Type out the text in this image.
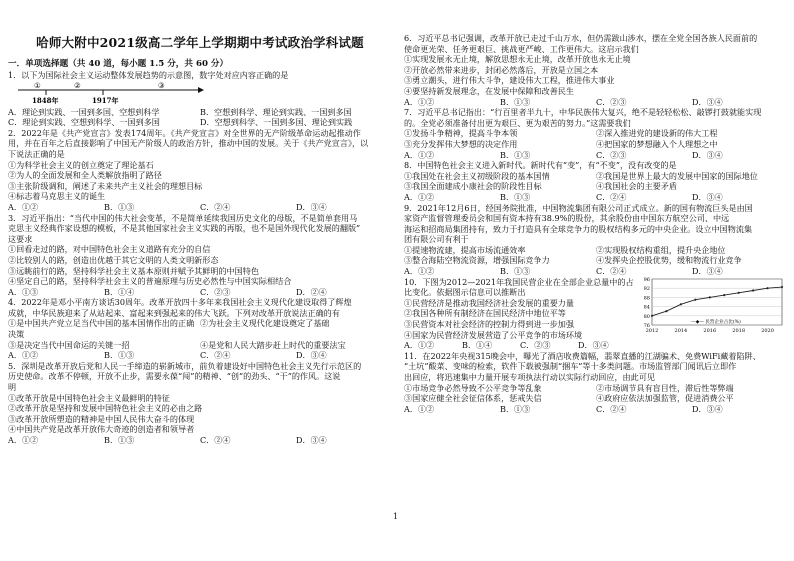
哈师大附中2021级高二学年上学期期中考试政治学科试题
一．单项选择题（共 40 道，每小题 1.5 分，共 60 分）
1．以下为国际社会主义运动整体发展趋势的示意图，数字处对应内容正确的是
①	②	③
1848年	1917年
A．理论到实践、一国到多国、空想到科学	B．空想到科学、理论到实践、一国到多国
C．理论到实践、空想到科学、一国到多国	D．空想到科学、一国到多国、理论到实践
2．2022年是《共产党宣言》发表174周年。《共产党宣言》对全世界的无产阶级革命运动起推动作
用，并在百年之后直接影响了中国无产阶级人的政治方针，推动中国的发展。关于《共产党宣言》，以
下说法正确的是
①为科学社会主义的创立奠定了理论基石
②为人的全面发展和全人类解放指明了路径
③主张阶级调和，阐述了未来共产主义社会的理想目标
④标志着马克思主义的诞生
A．①②	B．①③	C．②④	D．③④
3．习近平指出：“当代中国的伟大社会变革，不是简单延续我国历史文化的母版，不是简单套用马
克思主义经典作家设想的模板，不是其他国家社会主义实践的再版，也不是国外现代化发展的翻版”
这要求
①回看走过的路，对中国特色社会主义道路有充分的自信
②比较别人的路，创造出优越于其它文明的人类文明新形态
③远眺前行的路，坚持科学社会主义基本原则并赋予其鲜明的中国特色
④坚定自己的路，坚持科学社会主义的普遍原理与历史必然性与中国实际相结合
A．①③	B．①④	C．②③	D．②④
4．2022年是邓小平南方谈话30周年。改革开放四十多年来我国社会主义现代化建设取得了辉煌
成就，中华民族迎来了从站起来、富起来到强起来的伟大飞跃。下列对改革开放说法正确的有
①是中国共产党立足当代中国的基本国情作出的正确决策
②为社会主义现代化建设奠定了基础
③是决定当代中国命运的关键一招	④是党和人民大踏步赶上时代的重要法宝
A．①②	B．①③	C．②④	D．③④
5．深圳是改革开放后党和人民一手缔造的崭新城市，前负着建设好中国特色社会主义先行示范区的
历史使命。改革不停顿，开放不止步，需要永葆“闯”的精神、“创”的劲头、“干”的作风。这说
明
①改革开放是中国特色社会主义最鲜明的特征
②改革开放是坚持和发展中国特色社会主义的必由之路
③改革开放所塑造的精神是中国人民伟大奋斗的体现
④中国共产党是改革开放伟大奇迹的创造者和领导者
A．①②	B．①③	C．②④	D．③④
6．习近平总书记强调，改革开放已走过千山万水，但仍需跋山涉水，摆在全党全国各族人民面前的
使命更光荣、任务更艰巨、挑战更严峻、工作更伟大。这启示我们
①实现发展永无止境，解放思想永无止境，改革开放也永无止境
②开放必然带来进步，封闭必然落后，开放是立国之本
③勇立潮头，进行伟大斗争，建设伟大工程，推进伟大事业
④要坚持新发展理念，在发展中保障和改善民生
A．①②	B．①③	C．②③	D．③④
7．习近平总书记指出：“行百里者半九十，中华民族伟大复兴，绝不是轻轻松松、敲锣打鼓就能实现
的。全党必须准备付出更为艰巨、更为艰苦的努力。”这需要我们
①发扬斗争精神，提高斗争本领	②深入推进党的建设新的伟大工程
③充分发挥伟大梦想的决定作用	④把国家的梦想融入个人理想之中
A．①②	B．①③	C．②③	D．③④
8．中国特色社会主义进入新时代。新时代有“变”，有“不变”，没有改变的是
①我国处在社会主义初级阶段的基本国情	②我国是世界上最大的发展中国家的国际地位
③我国全面建成小康社会的阶段性目标	④我国社会的主要矛盾
A．①②	B．①③	C．②④	D．③④
9．2021年12月6日，经国务院批准，中国物流集团有限公司正式成立。新的国有物流巨头是由国
家资产监督管理委员会和国有资本持有38.9%的股份，其余股份由中国东方航空公司、中远
海运和招商局集团持有，致力于打造具有全球竞争力的股权结构多元的中央企业。设立中国物流集
团有限公司有利于
①提速物流建，提高市场流通效率	②实现股权结构重组，提升央企地位
③整合海陆空物流资源，增强国际竞争力	④发挥央企控股优势，缓和物流行业竞争
A．①②	B．①③	C．②④	D．③④
10．下图为2012—2021年我国民营企业在全部企业总量中的占
比变化。依据图示信息可以推断出
①民营经济是推动我国经济社会发展的重要力量
②我国各种所有制经济在国民经济中地位平等
③民营资本对社会经济的控制力得到进一步加强
④国家为民营经济发展营造了公平竞争的市场环境
A．①②	B．①④	C．②③	D．③④
96
92
88
84
80
76
2012	2014	2016	2018	2020
—◆— 民营企业占比(%)
11．在2022年央视315晚会中，曝光了酒店收费篇幅，翡翠直播的江湖骗术、免费WiFi藏着陷阱、
“土坑”酸菜、变味的检索，软件下载被强制“捆车”等十多类问题。市场监管部门闻讯后立即作
出回应，将迅速集中力量开展专项执法行动以实际行动回应，由此可见
①市场竞争必然导致不公平竞争等乱象	②市场调节具有盲目性，滞后性等弊端
③国家应健全社会征信体系，惩戒失信	④政府应依法加强监管，促进消费公平
A．①②	B．①③	C．②④	D．③④
1
